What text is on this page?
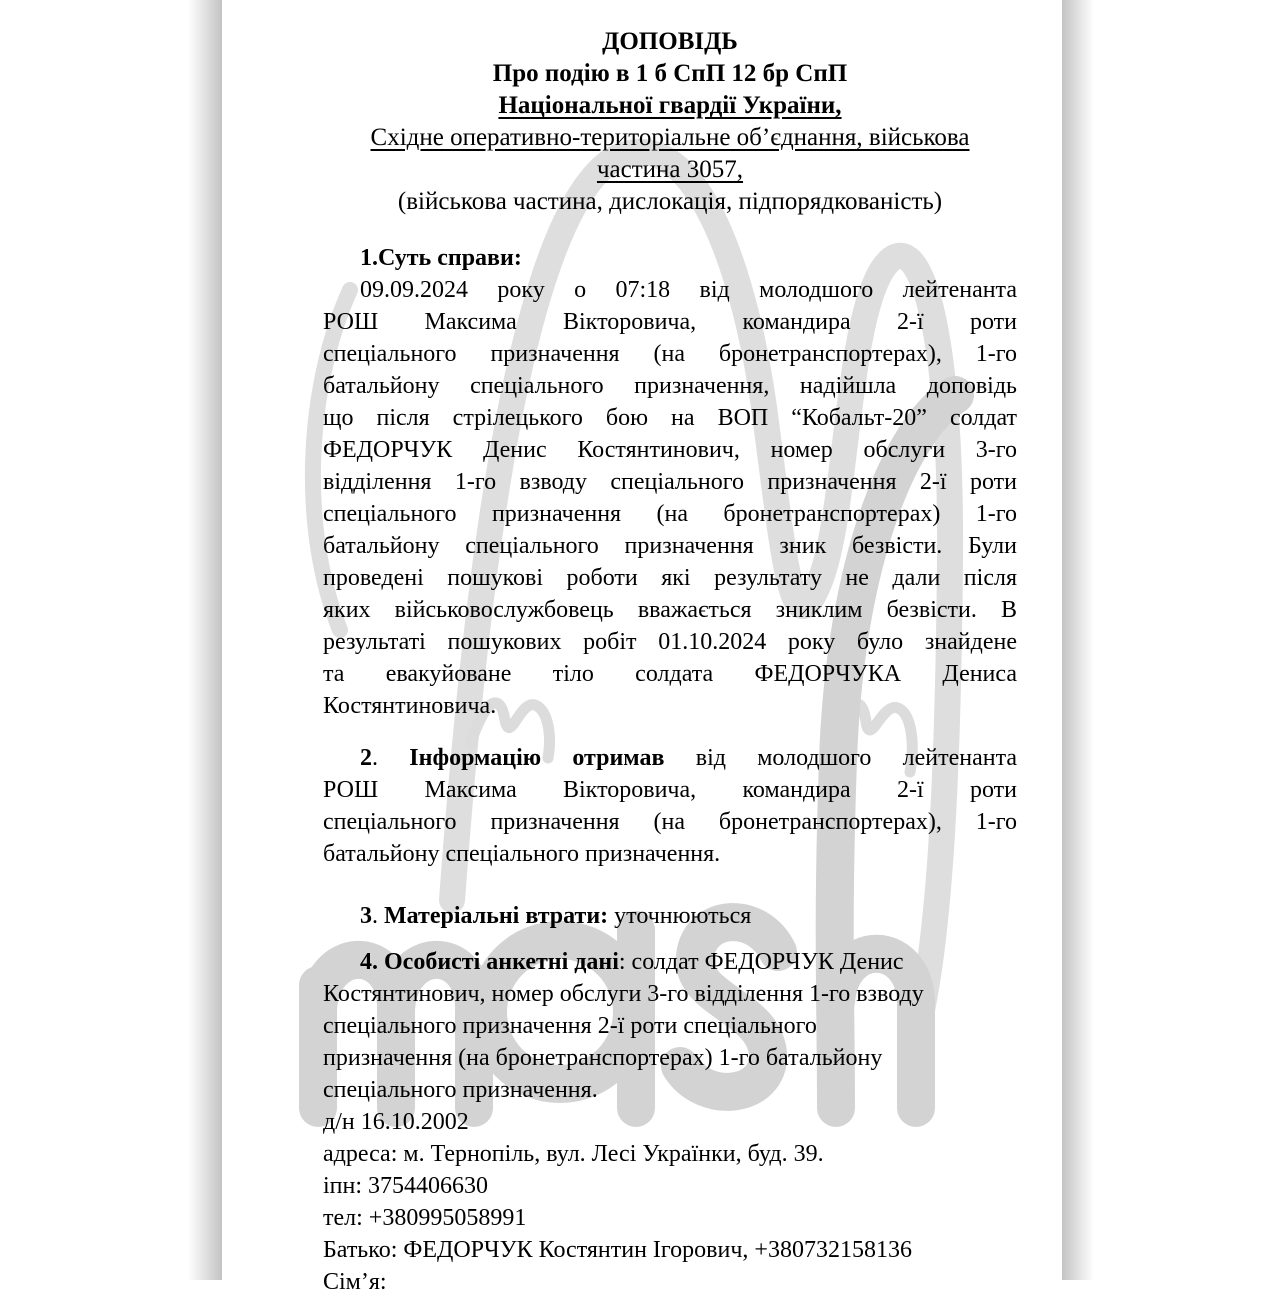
ДОПОВІДЬ
Про подію в 1 б СпП 12 бр СпП
Національної гвардії України,
Східне оперативно-територіальне об’єднання, військова
частина 3057,
(військова частина, дислокація, підпорядкованість)
1.Суть справи:
09.09.2024 року о 07:18 від молодшого лейтенанта
РОШ Максима Вікторовича, командира 2-ї роти
спеціального призначення (на бронетранспортерах), 1-го
батальйону спеціального призначення, надійшла доповідь
що після стрілецького бою на ВОП “Кобальт-20” солдат
ФЕДОРЧУК Денис Костянтинович, номер обслуги 3-го
відділення 1-го взводу спеціального призначення 2-ї роти
спеціального призначення (на бронетранспортерах) 1-го
батальйону спеціального призначення зник безвісти. Були
проведені пошукові роботи які результату не дали після
яких військовослужбовець вважається зниклим безвісти. В
результаті пошукових робіт 01.10.2024 року було знайдене
та евакуйоване тіло солдата ФЕДОРЧУКА Дениса
Костянтиновича.
2. Інформацію отримав від молодшого лейтенанта
РОШ Максима Вікторовича, командира 2-ї роти
спеціального призначення (на бронетранспортерах), 1-го
батальйону спеціального призначення.
3. Матеріальні втрати: уточнюються
4. Особисті анкетні дані: солдат ФЕДОРЧУК Денис
Костянтинович, номер обслуги 3-го відділення 1-го взводу
спеціального призначення 2-ї роти спеціального
призначення (на бронетранспортерах) 1-го батальйону
спеціального призначення.
д/н 16.10.2002
адреса: м. Тернопіль, вул. Лесі Українки, буд. 39.
іпн: 3754406630
тел: +380995058991
Батько: ФЕДОРЧУК Костянтин Ігорович, +380732158136
Сім’я:
